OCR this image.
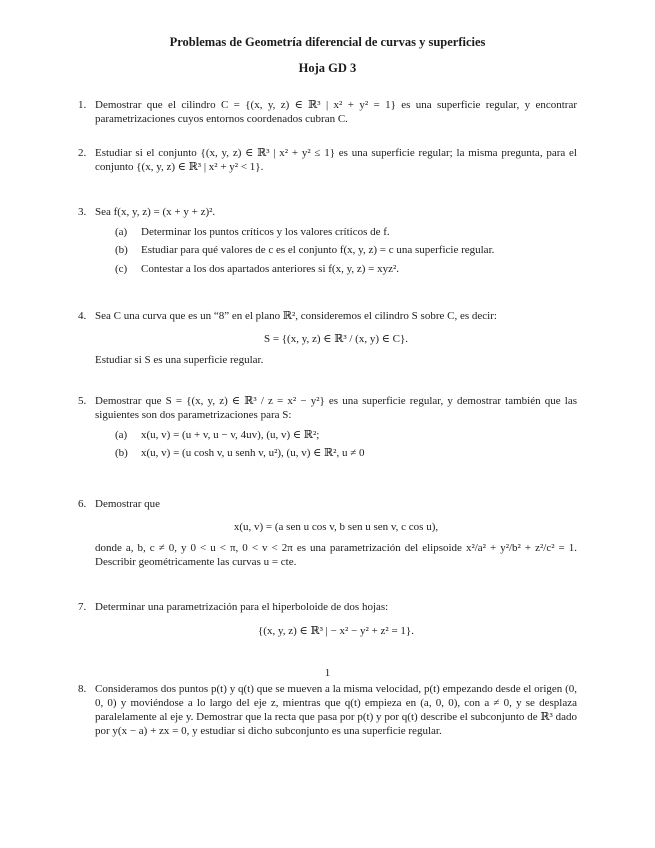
Problemas de Geometría diferencial de curvas y superficies
Hoja GD 3
1. Demostrar que el cilindro C = {(x, y, z) ∈ ℝ³ | x² + y² = 1} es una superficie regular, y encontrar parametrizaciones cuyos entornos coordenados cubran C.

2. Estudiar si el conjunto {(x, y, z) ∈ ℝ³ | x² + y² ≤ 1} es una superficie regular; la misma pregunta, para el conjunto {(x, y, z) ∈ ℝ³ | x² + y² < 1}.

3. Sea f(x, y, z) = (x + y + z)².

(a)	Determinar los puntos críticos y los valores críticos de f.

(b)	Estudiar para qué valores de c es el conjunto f(x, y, z) = c una superficie regular.

(c)	Contestar a los dos apartados anteriores si f(x, y, z) = xyz².

4. Sea C una curva que es un “8” en el plano ℝ², consideremos el cilindro S sobre C, es decir:

S = {(x, y, z) ∈ ℝ³ / (x, y) ∈ C}.

Estudiar si S es una superficie regular.

5. Demostrar que S = {(x, y, z) ∈ ℝ³ / z = x² − y²} es una superficie regular, y demostrar también que las siguientes son dos parametrizaciones para S:

(a)	x(u, v) = (u + v, u − v, 4uv), (u, v) ∈ ℝ²;

(b)	x(u, v) = (u cosh v, u senh v, u²), (u, v) ∈ ℝ², u ≠ 0

6. Demostrar que

x(u, v) = (a sen u cos v, b sen u sen v, c cos u),

donde a, b, c ≠ 0, y 0 < u < π, 0 < v < 2π es una parametrización del elipsoide x²/a² + y²/b² + z²/c² = 1. Describir geométricamente las curvas u = cte.

7. Determinar una parametrización para el hiperboloide de dos hojas:

{(x, y, z) ∈ ℝ³ | − x² − y² + z² = 1}.
8. Consideramos dos puntos p(t) y q(t) que se mueven a la misma velocidad, p(t) empezando desde el origen (0, 0, 0) y moviéndose a lo largo del eje z, mientras que q(t) empieza en (a, 0, 0), con a ≠ 0, y se desplaza paralelamente al eje y. Demostrar que la recta que pasa por p(t) y por q(t) describe el subconjunto de ℝ³ dado por y(x − a) + zx = 0, y estudiar si dicho subconjunto es una superficie regular.

1
